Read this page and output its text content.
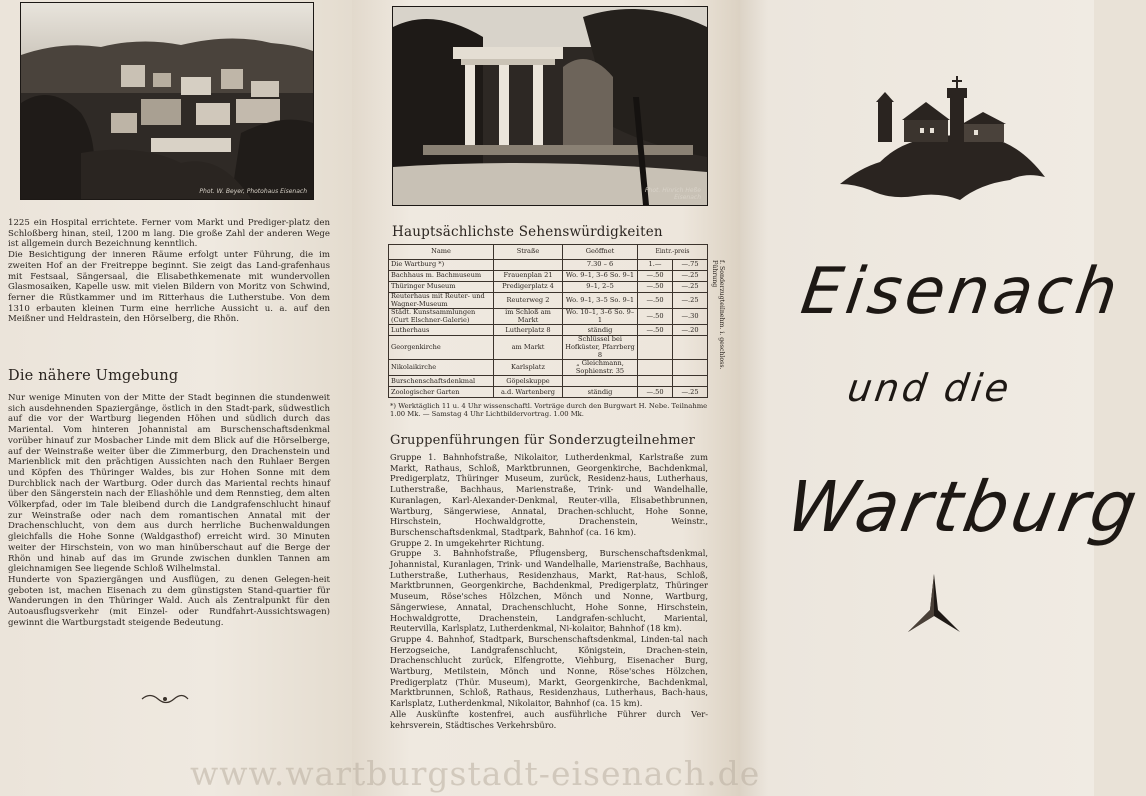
Phot. W. Beyer, Photohaus Eisenach

1225 ein Hospital errichtete. Ferner vom Markt und Prediger-platz den Schloßberg hinan, steil, 1200 m lang. Die große Zahl der anderen Wege ist allgemein durch Bezeichnung kenntlich.

Die Besichtigung der inneren Räume erfolgt unter Führung, die im zweiten Hof an der Freitreppe beginnt. Sie zeigt das Land-grafenhaus mit Festsaal, Sängersaal, die Elisabethkemenate mit wundervollen Glasmosaiken, Kapelle usw. mit vielen Bildern von Moritz von Schwind, ferner die Rüstkammer und im Ritterhaus die Lutherstube. Von dem 1310 erbauten kleinen Turm eine herrliche Aussicht u. a. auf den Meißner und Heldrastein, den Hörselberg, die Rhön.

Die nähere Umgebung

Nur wenige Minuten von der Mitte der Stadt beginnen die stundenweit sich ausdehnenden Spaziergänge, östlich in den Stadt-park, südwestlich auf die vor der Wartburg liegenden Höhen und südlich durch das Mariental. Vom hinteren Johannistal am Burschenschaftsdenkmal vorüber hinauf zur Mosbacher Linde mit dem Blick auf die Hörselberge, auf der Weinstraße weiter über die Zimmerburg, den Drachenstein und Marienblick mit den prächtigen Aussichten nach den Ruhlaer Bergen und Köpfen des Thüringer Waldes, bis zur Hohen Sonne mit dem Durchblick nach der Wartburg. Oder durch das Mariental rechts hinauf über den Sängerstein nach der Eliashöhle und dem Rennstieg, dem alten Völkerpfad, oder im Tale bleibend durch die Landgrafenschlucht hinauf zur Weinstraße oder nach dem romantischen Annatal mit der Drachenschlucht, von dem aus durch herrliche Buchenwaldungen gleichfalls die Hohe Sonne (Waldgasthof) erreicht wird. 30 Minuten weiter der Hirschstein, von wo man hinüberschaut auf die Berge der Rhön und hinab auf das im Grunde zwischen dunklen Tannen am gleichnamigen See liegende Schloß Wilhelmstal.

Hunderte von Spaziergängen und Ausflügen, zu denen Gelegen-heit geboten ist, machen Eisenach zu dem günstigsten Stand-quartier für Wanderungen in den Thüringer Wald. Auch als Zentralpunkt für den Autoausflugsverkehr (mit Einzel- oder Rundfahrt-Aussichtswagen) gewinnt die Wartburgstadt steigende Bedeutung.

Phot. Hinrich Heße
Eisenach
Hauptsächlichste Sehenswürdigkeiten
Name	Straße	Geöffnet	Eintr.-preis	
Die Wartburg *)		7.30 – 6	1.—	—.75
Bachhaus m. Bachmuseum	Frauenplan 21	Wo. 9–1, 3–6 So. 9–1	—.50	—.25
Thüringer Museum	Predigerplatz 4	9–1, 2–5	—.50	—.25
Reuterhaus mit Reuter- und Wagner-Museum	Reuterweg 2	Wo. 9–1, 3–5 So. 9–1	—.50	—.25
Städt. Kunstsammlungen (Curt Elschner-Galerie)	im Schloß am Markt	Wo. 10–1, 3–6 So. 9–1	—.50	—.30
Lutherhaus	Lutherplatz 8	ständig	—.50	—.20
Georgenkirche	am Markt	Schlüssel bei Hofküster, Pfarrberg 8		
Nikolaikirche	Karlsplatz	„ Gleichmann, Sophienstr. 35		
Burschenschaftsdenkmal	Göpelskuppe			
Zoologischer Garten	a.d. Wartenberg	ständig	—.50	—.25
f. Sonderzugteilnehm. i. geschloss. Führung
*) Werktäglich 11 u. 4 Uhr wissenschaftl. Vorträge durch den Burgwart H. Nebe. Teilnahme 1.00 Mk. — Samstag 4 Uhr Lichtbildervortrag. 1.00 Mk.
Gruppenführungen für Sonderzugteilnehmer

Gruppe 1. Bahnhofstraße, Nikolaitor, Lutherdenkmal, Karlstraße zum Markt, Rathaus, Schloß, Marktbrunnen, Georgenkirche, Bachdenkmal, Predigerplatz, Thüringer Museum, zurück, Residenz-haus, Lutherhaus, Lutherstraße, Bachhaus, Marienstraße, Trink- und Wandelhalle, Kuranlagen, Karl-Alexander-Denkmal, Reuter-villa, Elisabethbrunnen, Wartburg, Sängerwiese, Annatal, Drachen-schlucht, Hohe Sonne, Hirschstein, Hochwaldgrotte, Drachenstein, Weinstr., Burschenschaftsdenkmal, Stadtpark, Bahnhof (ca. 16 km).

Gruppe 2. In umgekehrter Richtung.

Gruppe 3. Bahnhofstraße, Pflugensberg, Burschenschaftsdenkmal, Johannistal, Kuranlagen, Trink- und Wandelhalle, Marienstraße, Bachhaus, Lutherstraße, Lutherhaus, Residenzhaus, Markt, Rat-haus, Schloß, Marktbrunnen, Georgenkirche, Bachdenkmal, Predigerplatz, Thüringer Museum, Röse'sches Hölzchen, Mönch und Nonne, Wartburg, Sängerwiese, Annatal, Drachenschlucht, Hohe Sonne, Hirschstein, Hochwaldgrotte, Drachenstein, Landgrafen-schlucht, Mariental, Reutervilla, Karlsplatz, Lutherdenkmal, Ni-kolaitor, Bahnhof (18 km).

Gruppe 4. Bahnhof, Stadtpark, Burschenschaftsdenkmal, Linden-tal nach Herzogseiche, Landgrafenschlucht, Königstein, Drachen-stein, Drachenschlucht zurück, Elfengrotte, Viehburg, Eisenacher Burg, Wartburg, Metilstein, Mönch und Nonne, Röse'sches Hölzchen, Predigerplatz (Thür. Museum), Markt, Georgenkirche, Bachdenkmal, Marktbrunnen, Schloß, Rathaus, Residenzhaus, Lutherhaus, Bach-haus, Karlsplatz, Lutherdenkmal, Nikolaitor, Bahnhof (ca. 15 km).

Alle Auskünfte kostenfrei, auch ausführliche Führer durch Ver-kehrsverein, Städtisches Verkehrsbüro.

Eisenach
und die
Wartburg
www.wartburgstadt-eisenach.de
